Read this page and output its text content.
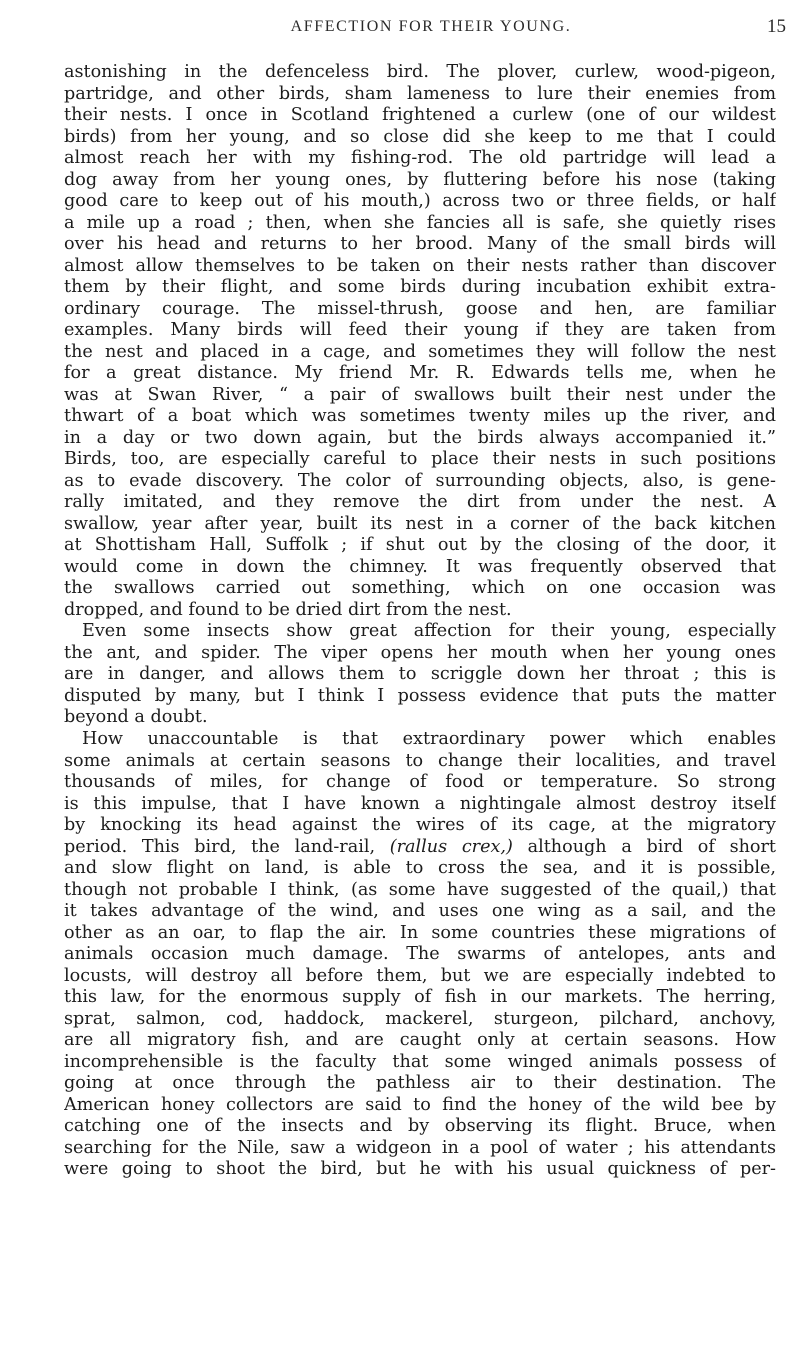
AFFECTION FOR THEIR YOUNG.	15
astonishing in the defenceless bird. The plover, curlew, wood-pigeon,
partridge, and other birds, sham lameness to lure their enemies from
their nests. I once in Scotland frightened a curlew (one of our wildest
birds) from her young, and so close did she keep to me that I could
almost reach her with my fishing-rod. The old partridge will lead a
dog away from her young ones, by fluttering before his nose (taking
good care to keep out of his mouth,) across two or three fields, or half
a mile up a road ; then, when she fancies all is safe, she quietly rises
over his head and returns to her brood. Many of the small birds will
almost allow themselves to be taken on their nests rather than discover
them by their flight, and some birds during incubation exhibit extra-
ordinary courage. The missel-thrush, goose and hen, are familiar
examples. Many birds will feed their young if they are taken from
the nest and placed in a cage, and sometimes they will follow the nest
for a great distance. My friend Mr. R. Edwards tells me, when he
was at Swan River, “ a pair of swallows built their nest under the
thwart of a boat which was sometimes twenty miles up the river, and
in a day or two down again, but the birds always accompanied it.”
Birds, too, are especially careful to place their nests in such positions
as to evade discovery. The color of surrounding objects, also, is gene-
rally imitated, and they remove the dirt from under the nest. A
swallow, year after year, built its nest in a corner of the back kitchen
at Shottisham Hall, Suffolk ; if shut out by the closing of the door, it
would come in down the chimney. It was frequently observed that
the swallows carried out something, which on one occasion was
dropped, and found to be dried dirt from the nest.
Even some insects show great affection for their young, especially
the ant, and spider. The viper opens her mouth when her young ones
are in danger, and allows them to scriggle down her throat ; this is
disputed by many, but I think I possess evidence that puts the matter
beyond a doubt.
How unaccountable is that extraordinary power which enables
some animals at certain seasons to change their localities, and travel
thousands of miles, for change of food or temperature. So strong
is this impulse, that I have known a nightingale almost destroy itself
by knocking its head against the wires of its cage, at the migratory
period. This bird, the land-rail, (rallus crex,) although a bird of short
and slow flight on land, is able to cross the sea, and it is possible,
though not probable I think, (as some have suggested of the quail,) that
it takes advantage of the wind, and uses one wing as a sail, and the
other as an oar, to flap the air. In some countries these migrations of
animals occasion much damage. The swarms of antelopes, ants and
locusts, will destroy all before them, but we are especially indebted to
this law, for the enormous supply of fish in our markets. The herring,
sprat, salmon, cod, haddock, mackerel, sturgeon, pilchard, anchovy,
are all migratory fish, and are caught only at certain seasons. How
incomprehensible is the faculty that some winged animals possess of
going at once through the pathless air to their destination. The
American honey collectors are said to find the honey of the wild bee by
catching one of the insects and by observing its flight. Bruce, when
searching for the Nile, saw a widgeon in a pool of water ; his attendants
were going to shoot the bird, but he with his usual quickness of per-
